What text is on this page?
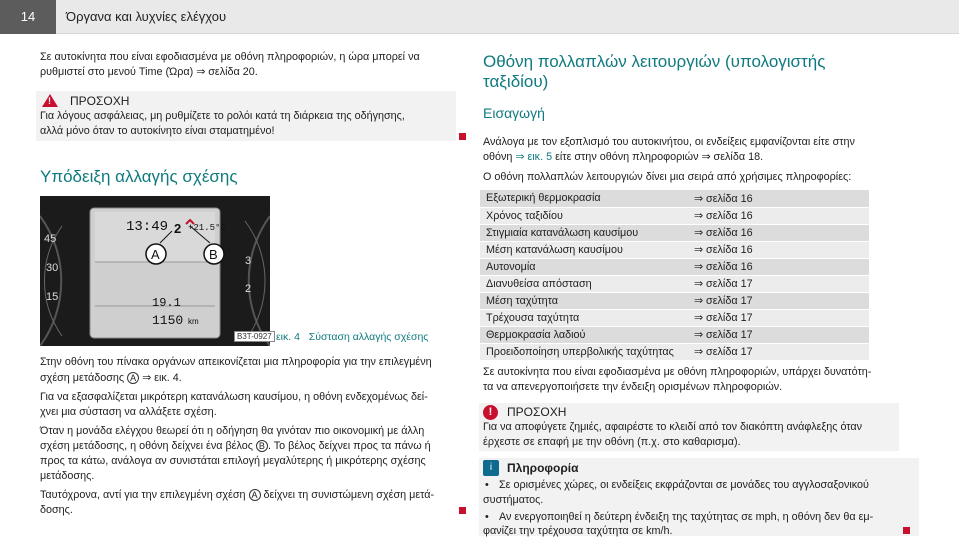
14	Όργανα και λυχνίες ελέγχου

Σε αυτοκίνητα που είναι εφοδιασμένα με οθόνη πληροφοριών, η ώρα μπορεί να

ρυθμιστεί στο μενού Time (Ώρα) ⇒ σελίδα 20.

! ΠΡΟΣΟΧΗ

Για λόγους ασφάλειας, μη ρυθμίζετε το ρολόι κατά τη διάρκεια της οδήγησης,

αλλά μόνο όταν το αυτοκίνητο είναι σταματημένο!

Υπόδειξη αλλαγής σχέσης
45
30
15
3
2
13:49 +21.5°C
2
19.1
1150 km
A	B
B3T-0927 εικ. 4 Σύσταση αλλαγής σχέσης

Στην οθόνη του πίνακα οργάνων απεικονίζεται μια πληροφορία για την επιλεγμένη

σχέση μετάδοσης A ⇒ εικ. 4.

Για να εξασφαλίζεται μικρότερη κατανάλωση καυσίμου, η οθόνη ενδεχομένως δεί-

χνει μια σύσταση να αλλάξετε σχέση.

Όταν η μονάδα ελέγχου θεωρεί ότι η οδήγηση θα γινόταν πιο οικονομική με άλλη

σχέση μετάδοσης, η οθόνη δείχνει ένα βέλος B . Το βέλος δείχνει προς τα πάνω ή

προς τα κάτω, ανάλογα αν συνιστάται επιλογή μεγαλύτερης ή μικρότερης σχέσης

μετάδοσης.

Ταυτόχρονα, αντί για την επιλεγμένη σχέση A δείχνει τη συνιστώμενη σχέση μετά-

δοσης.

Οθόνη πολλαπλών λειτουργιών (υπολογιστής
ταξιδίου)
Εισαγωγή

Ανάλογα με τον εξοπλισμό του αυτοκινήτου, οι ενδείξεις εμφανίζονται είτε στην

οθόνη ⇒ εικ. 5 είτε στην οθόνη πληροφοριών ⇒ σελίδα 18.

Ο οθόνη πολλαπλών λειτουργιών δίνει μια σειρά από χρήσιμες πληροφορίες:

Εξωτερική θερμοκρασία	⇒ σελίδα 16
Χρόνος ταξιδίου	⇒ σελίδα 16
Στιγμιαία κατανάλωση καυσίμου	⇒ σελίδα 16
Μέση κατανάλωση καυσίμου	⇒ σελίδα 16
Αυτονομία	⇒ σελίδα 16
Διανυθείσα απόσταση	⇒ σελίδα 17
Μέση ταχύτητα	⇒ σελίδα 17
Τρέχουσα ταχύτητα	⇒ σελίδα 17
Θερμοκρασία λαδιού	⇒ σελίδα 17
Προειδοποίηση υπερβολικής ταχύτητας	⇒ σελίδα 17

Σε αυτοκίνητα που είναι εφοδιασμένα με οθόνη πληροφοριών, υπάρχει δυνατότη-

τα να απενεργοποιήσετε την ένδειξη ορισμένων πληροφοριών.

!	ΠΡΟΣΟΧΗ

Για να αποφύγετε ζημιές, αφαιρέστε το κλειδί από τον διακόπτη ανάφλεξης όταν

έρχεστε σε επαφή με την οθόνη (π.χ. στο καθαρισμα).

i	Πληροφορία
• Σε ορισμένες χώρες, οι ενδείξεις εκφράζονται σε μονάδες του αγγλοσαξονικού

συστήματος.

• Αν ενεργοποιηθεί η δεύτερη ένδειξη της ταχύτητας σε mph, η οθόνη δεν θα εμ-

φανίζει την τρέχουσα ταχύτητα σε km/h.
